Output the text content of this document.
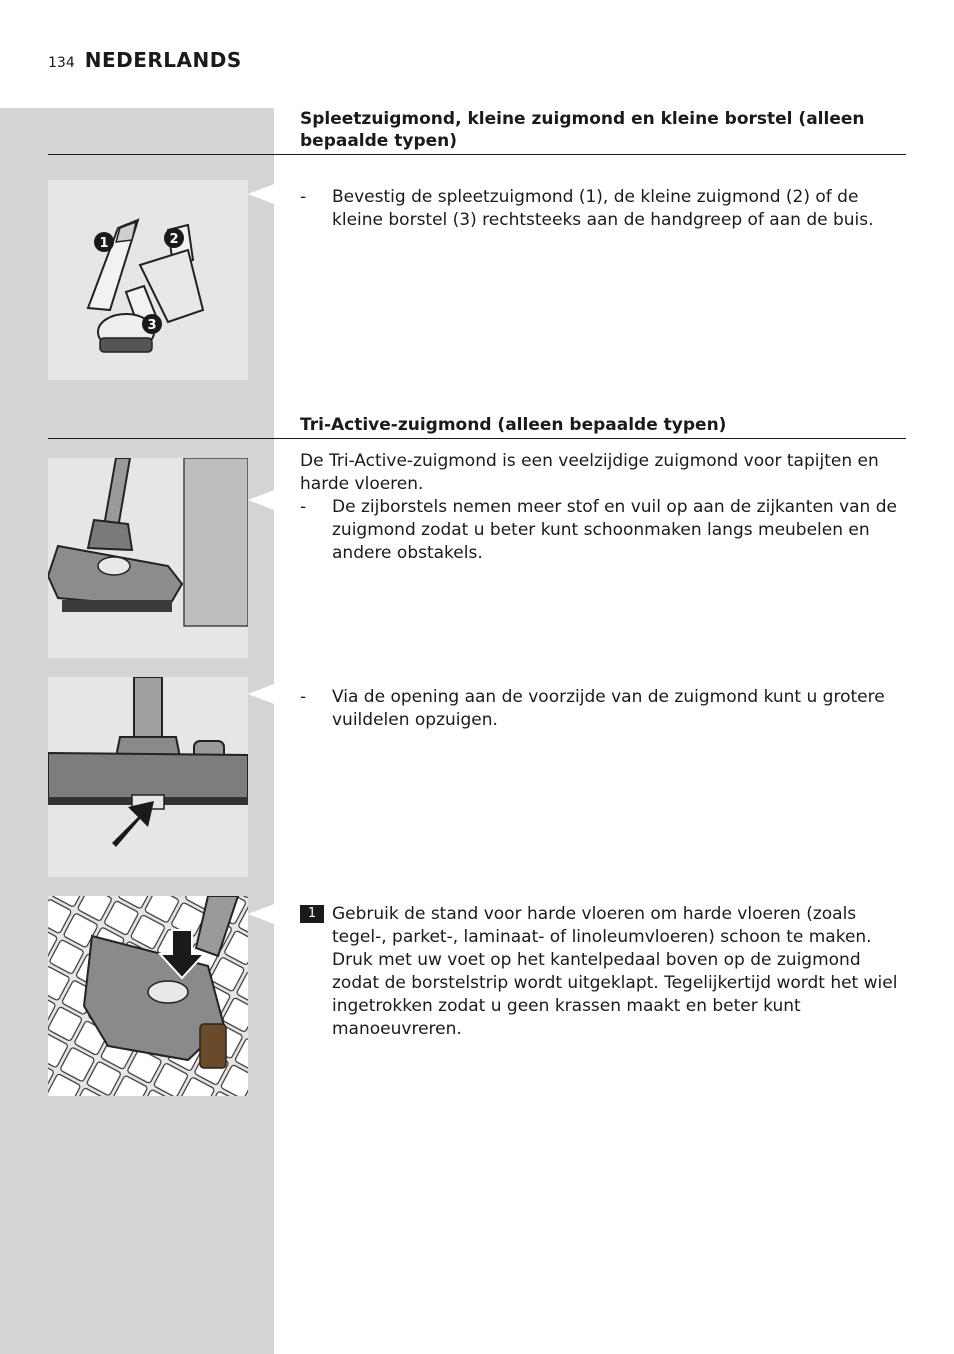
134 NEDERLANDS
Spleetzuigmond, kleine zuigmond en kleine borstel (alleen bepaalde typen)
1	2
3
-	Bevestig de spleetzuigmond (1), de kleine zuigmond (2) of de kleine borstel (3) rechtsteeks aan de handgreep of aan de buis.
Tri-Active-zuigmond (alleen bepaalde typen)
De Tri-Active-zuigmond is een veelzijdige zuigmond voor tapijten en harde vloeren.
-	De zijborstels nemen meer stof en vuil op aan de zijkanten van de zuigmond zodat u beter kunt schoonmaken langs meubelen en andere obstakels.
-	Via de opening aan de voorzijde van de zuigmond kunt u grotere vuildelen opzuigen.
1 Gebruik de stand voor harde vloeren om harde vloeren (zoals tegel-, parket-, laminaat- of linoleumvloeren) schoon te maken. Druk met uw voet op het kantelpedaal boven op de zuigmond zodat de borstelstrip wordt uitgeklapt. Tegelijkertijd wordt het wiel ingetrokken zodat u geen krassen maakt en beter kunt manoeuvreren.
